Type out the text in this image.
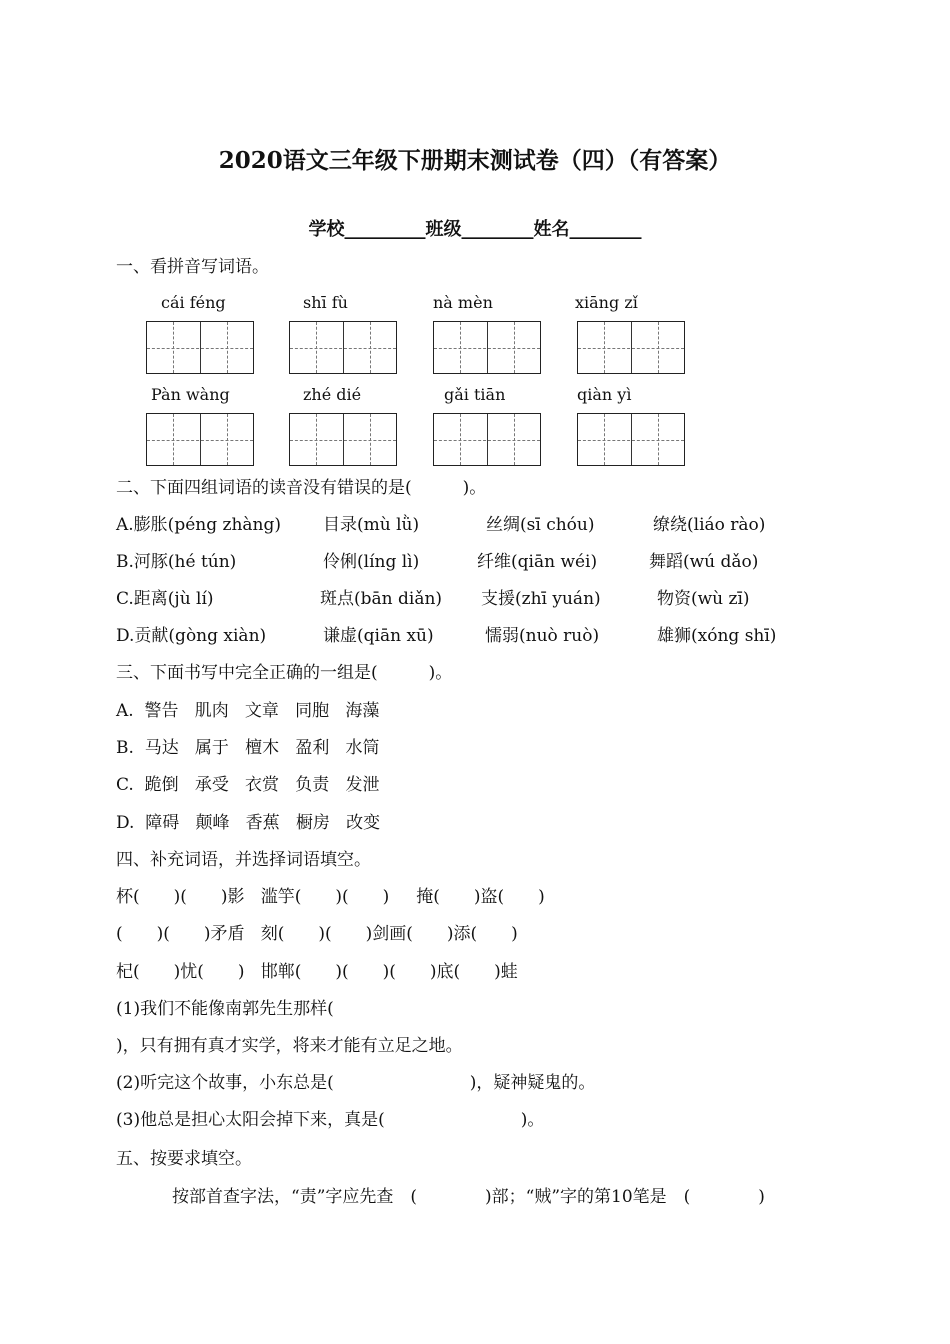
2020语文三年级下册期末测试卷（四）（有答案）
学校_________班级________姓名________
一、看拼音写词语。
cái féng	shī fù	nà mèn	xiāng zǐ
Pàn wàng	zhé dié	gǎi tiān	qiàn yì
二、下面四组词语的读音没有错误的是(　　　)。
A.膨胀(péng zhàng) 目录(mù lǜ)	丝绸(sī chóu)	缭绕(liáo rào)
B.河豚(hé tún)	伶俐(líng lì)	纤维(qiān wéi)	舞蹈(wú dǎo)
C.距离(jù lí)	斑点(bān diǎn) 支援(zhī yuán)	物资(wù zī)
D.贡献(gòng xiàn)	谦虚(qiān xū)	懦弱(nuò ruò)	雄狮(xóng shī)
三、下面书写中完全正确的一组是(　　　)。
A.  警告   肌肉   文章   同胞   海藻
B.  马达   属于   檀木   盈利   水筒
C.  跪倒   承受   衣赏   负责   发泄
D.  障碍   颠峰   香蕉   橱房   改变
四、补充词语，并选择词语填空。
杯(　　)(　　)影   滥竽(　　)(　　)     掩(　　)盗(　　)
(　　)(　　)矛盾   刻(　　)(　　)剑画(　　)添(　　)
杞(　　)忧(　　)   邯郸(　　)(　　)(　　)底(　　)蛙
(1)我们不能像南郭先生那样(
)，只有拥有真才实学，将来才能有立足之地。
(2)听完这个故事，小东总是(　　　　　　　　)，疑神疑鬼的。
(3)他总是担心太阳会掉下来，真是(　　　　　　　　)。
五、按要求填空。
按部首查字法，“责”字应先查　(　　　　)部；“贼”字的第10笔是　(　　　　)
